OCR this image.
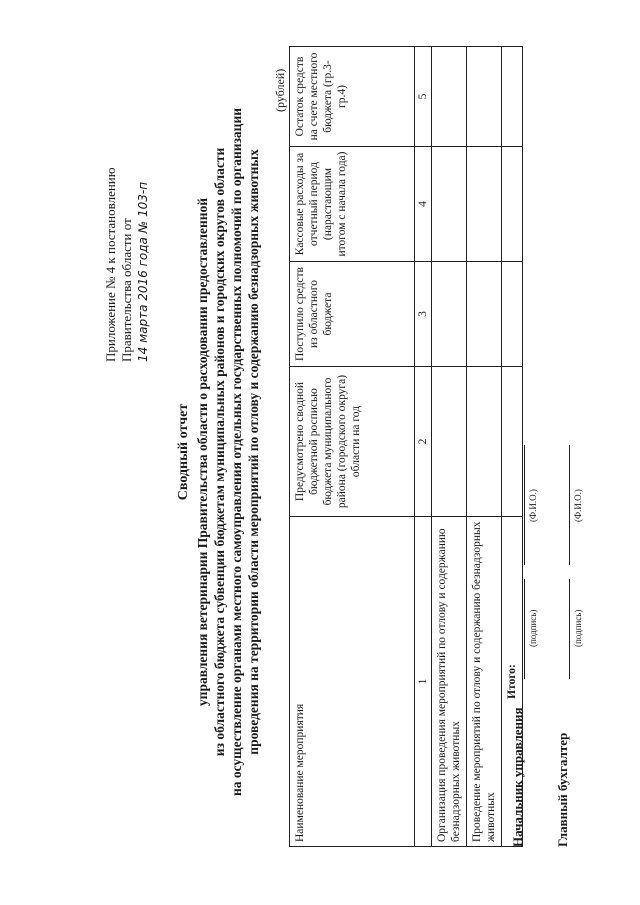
Приложение № 4 к постановлению Правительства области от 14 марта 2016 года № 103-п
Сводный отчет управления ветеринарии Правительства области о расходовании предоставленной из областного бюджета субвенции бюджетам муниципальных районов и городских округов области на осуществление органами местного самоуправления отдельных государственных полномочий по организации проведения на территории области мероприятий по отлову и содержанию безнадзорных животных
(рублей)
Наименование мероприятия	Предусмотрено сводной бюджетной росписью бюджета муниципального района (городского округа) области на год	Поступило средств из областного бюджета	Кассовые расходы за отчетный период (нарастающим итогом с начала года)	Остаток средств на счете местного бюджета (гр.3-гр.4)
1	2	3	4	5
Организация проведения мероприятий по отлову и содержанию безнадзорных животных				
Проведение мероприятий по отлову и содержанию безнадзорных животных				
Итого:				
Начальник управления
(подпись)
(Ф.И.О.)
Главный бухгалтер
(подпись)
(Ф.И.О.)
